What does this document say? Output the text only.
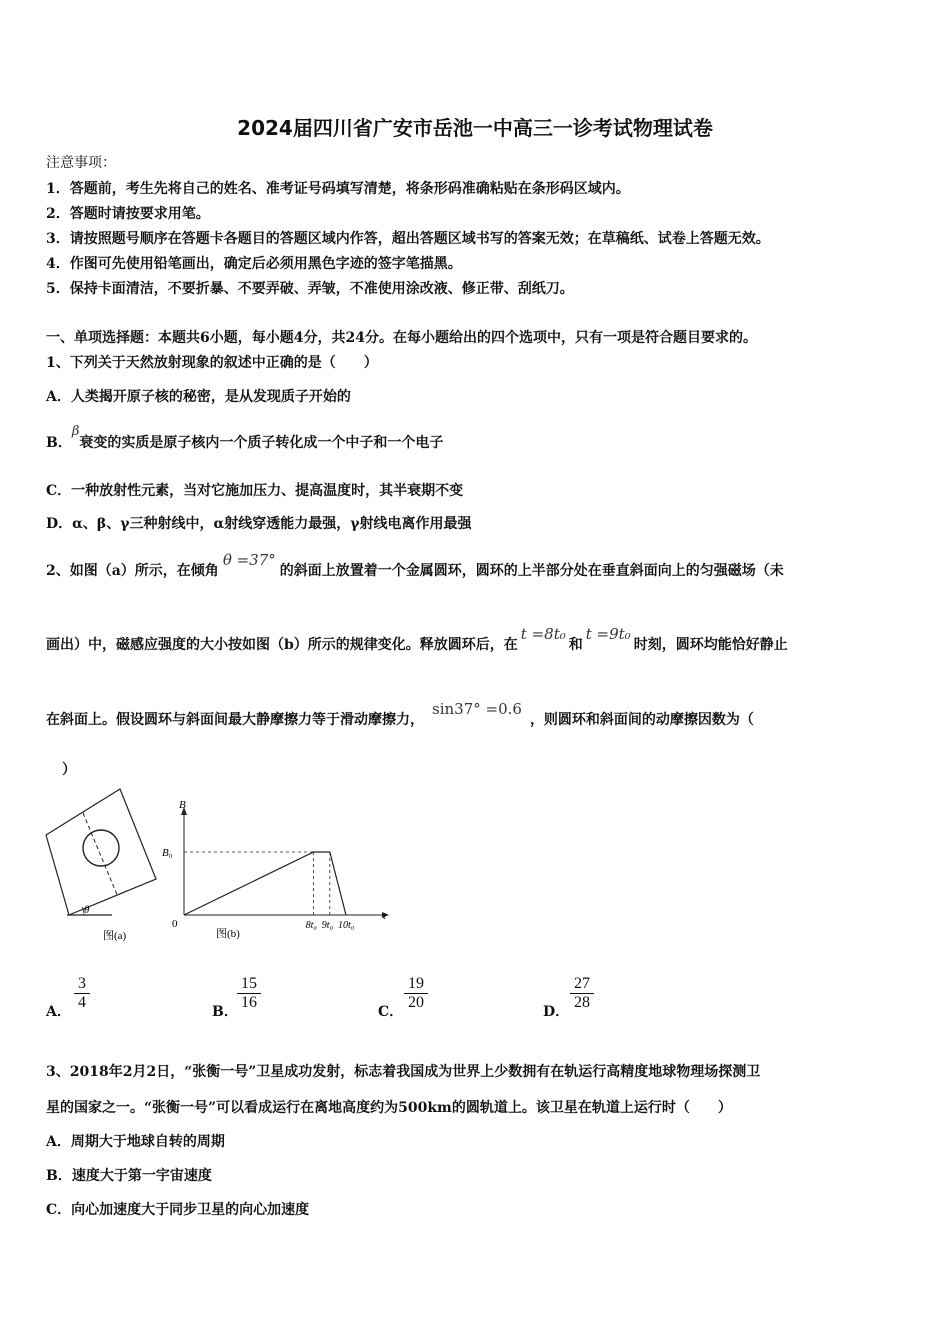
2024届四川省广安市岳池一中高三一诊考试物理试卷
注意事项：
1．答题前，考生先将自己的姓名、准考证号码填写清楚，将条形码准确粘贴在条形码区域内。
2．答题时请按要求用笔。
3．请按照题号顺序在答题卡各题目的答题区域内作答，超出答题区域书写的答案无效；在草稿纸、试卷上答题无效。
4．作图可先使用铅笔画出，确定后必须用黑色字迹的签字笔描黑。
5．保持卡面清洁，不要折暴、不要弄破、弄皱，不准使用涂改液、修正带、刮纸刀。
一、单项选择题：本题共6小题，每小题4分，共24分。在每小题给出的四个选项中，只有一项是符合题目要求的。
1、下列关于天然放射现象的叙述中正确的是（　　）
A．人类揭开原子核的秘密，是从发现质子开始的
B．β衰变的实质是原子核内一个质子转化成一个中子和一个电子
C．一种放射性元素，当对它施加压力、提高温度时，其半衰期不变
D．α、β、γ三种射线中，α射线穿透能力最强，γ射线电离作用最强
2、如图（a）所示，在倾角θ =37°的斜面上放置着一个金属圆环，圆环的上半部分处在垂直斜面向上的匀强磁场（未
画出）中，磁感应强度的大小按如图（b）所示的规律变化。释放圆环后，在t =8t₀和t =9t₀时刻，圆环均能恰好静止
在斜面上。假设圆环与斜面间最大静摩擦力等于滑动摩擦力，sin37° =0.6，则圆环和斜面间的动摩擦因数为（
）
θ
图(a)
B
t
0
B₀
8t₀ 9t₀ 10t₀
图(b)
A．
3
4
B．
15
16
C．
19
20
D．
27
28
3、2018年2月2日，“张衡一号”卫星成功发射，标志着我国成为世界上少数拥有在轨运行高精度地球物理场探测卫
星的国家之一。“张衡一号”可以看成运行在离地高度约为500km的圆轨道上。该卫星在轨道上运行时（　　）
A．周期大于地球自转的周期
B．速度大于第一宇宙速度
C．向心加速度大于同步卫星的向心加速度
